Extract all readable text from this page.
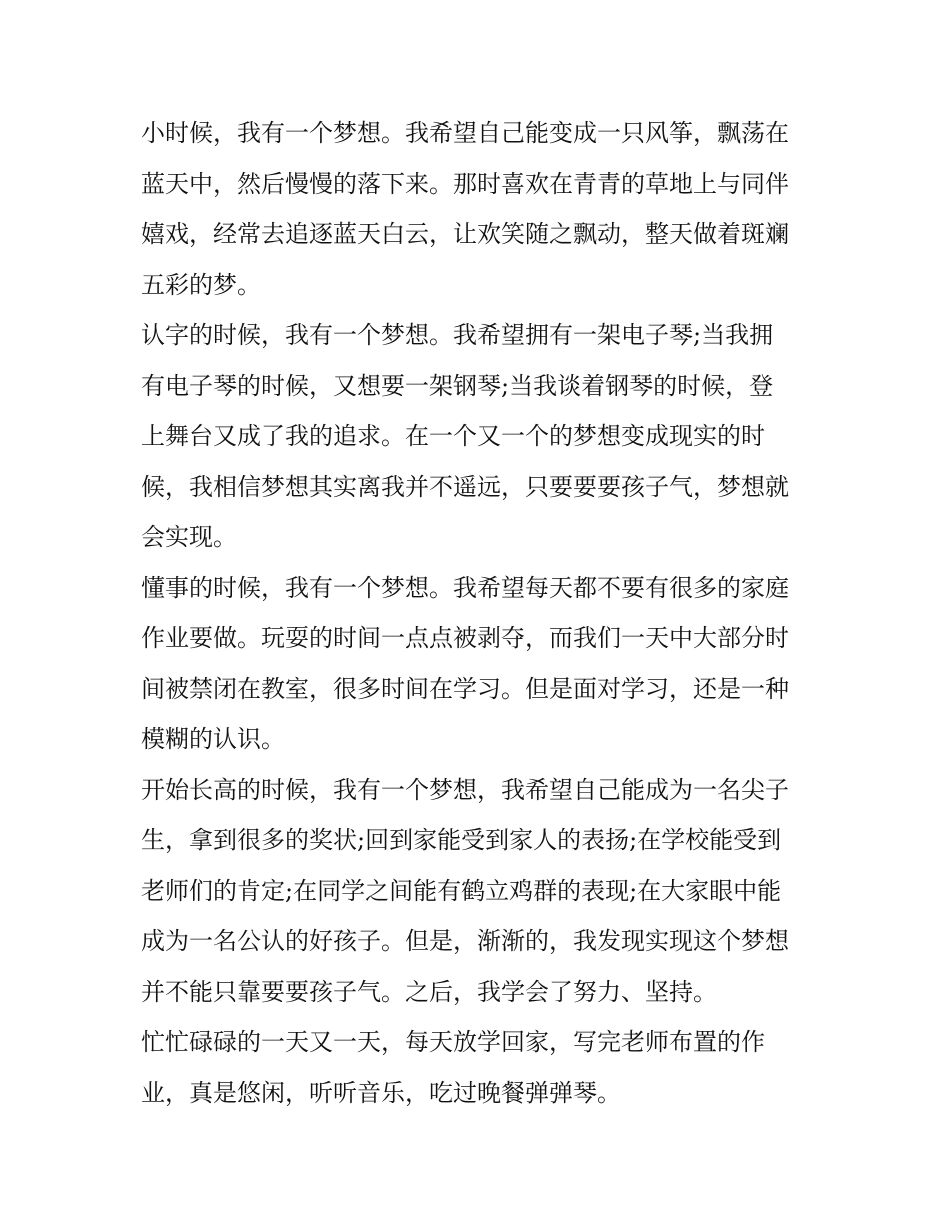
小时候，我有一个梦想。我希望自己能变成一只风筝，飘荡在
蓝天中，然后慢慢的落下来。那时喜欢在青青的草地上与同伴
嬉戏，经常去追逐蓝天白云，让欢笑随之飘动，整天做着斑斓
五彩的梦。
认字的时候，我有一个梦想。我希望拥有一架电子琴;当我拥
有电子琴的时候，又想要一架钢琴;当我谈着钢琴的时候，登
上舞台又成了我的追求。在一个又一个的梦想变成现实的时
候，我相信梦想其实离我并不遥远，只要要要孩子气，梦想就
会实现。
懂事的时候，我有一个梦想。我希望每天都不要有很多的家庭
作业要做。玩耍的时间一点点被剥夺，而我们一天中大部分时
间被禁闭在教室，很多时间在学习。但是面对学习，还是一种
模糊的认识。
开始长高的时候，我有一个梦想，我希望自己能成为一名尖子
生，拿到很多的奖状;回到家能受到家人的表扬;在学校能受到
老师们的肯定;在同学之间能有鹤立鸡群的表现;在大家眼中能
成为一名公认的好孩子。但是，渐渐的，我发现实现这个梦想
并不能只靠要要孩子气。之后，我学会了努力、坚持。
忙忙碌碌的一天又一天，每天放学回家，写完老师布置的作
业，真是悠闲，听听音乐，吃过晚餐弹弹琴。
